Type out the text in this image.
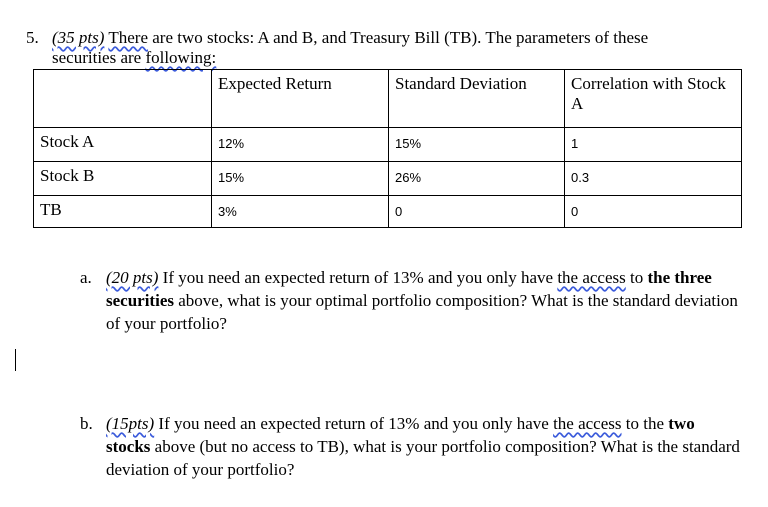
5. (35 pts) There are two stocks: A and B, and Treasury Bill (TB). The parameters of these
securities are following:
	Expected Return	Standard Deviation	Correlation with Stock A
Stock A	12%	15%	1
Stock B	15%	26%	0.3
TB	3%	0	0
a. (20 pts) If you need an expected return of 13% and you only have the access to the three securities above, what is your optimal portfolio composition? What is the standard deviation of your portfolio?
b. (15pts) If you need an expected return of 13% and you only have the access to the two stocks above (but no access to TB), what is your portfolio composition? What is the standard deviation of your portfolio?
